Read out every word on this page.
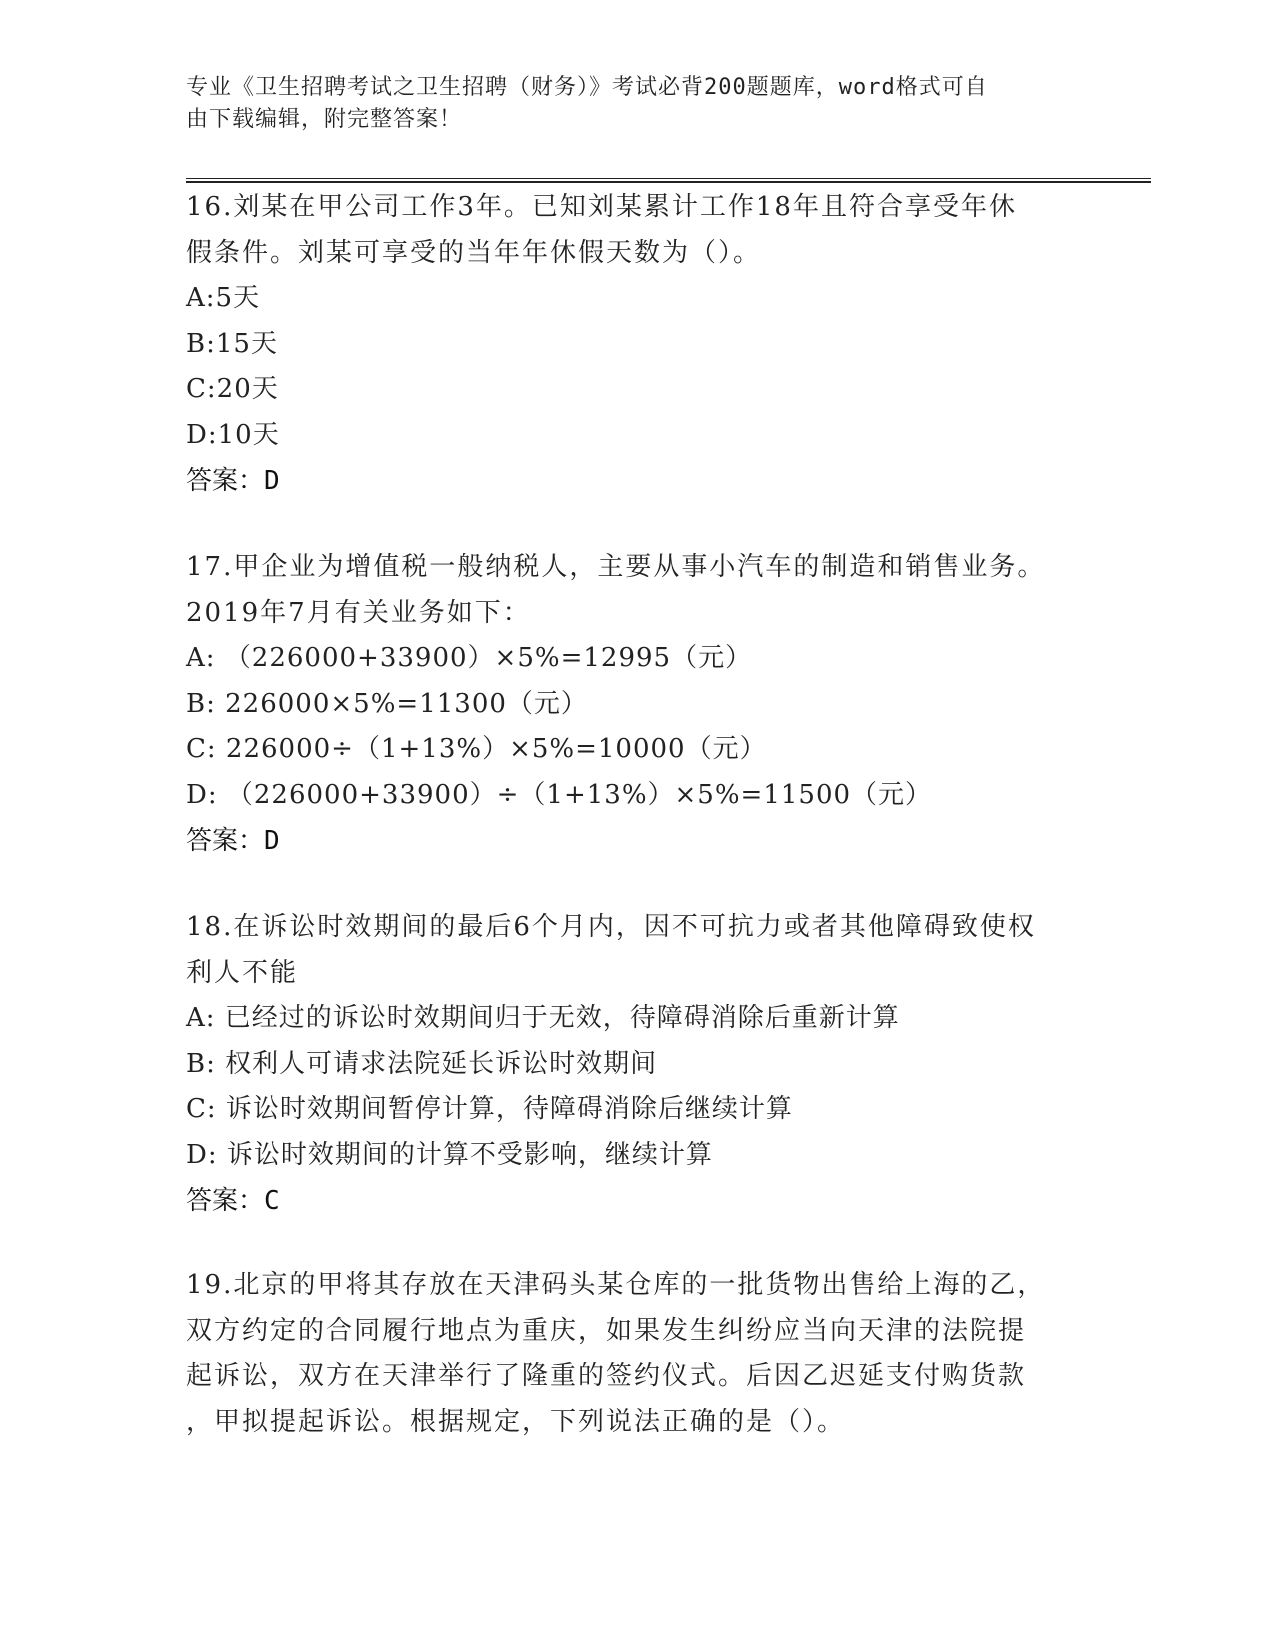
专业《卫生招聘考试之卫生招聘（财务）》考试必背200题题库，word格式可自

由下载编辑，附完整答案！

16.刘某在甲公司工作3年。已知刘某累计工作18年且符合享受年休
假条件。刘某可享受的当年年休假天数为（）。
A:5天
B:15天
C:20天
D:10天
答案：D
17.甲企业为增值税一般纳税人，主要从事小汽车的制造和销售业务。
2019年7月有关业务如下：
A: （226000+33900）×5%=12995（元）
B: 226000×5%=11300（元）
C: 226000÷（1+13%）×5%=10000（元）
D: （226000+33900）÷（1+13%）×5%=11500（元）
答案：D
18.在诉讼时效期间的最后6个月内，因不可抗力或者其他障碍致使权
利人不能
A: 已经过的诉讼时效期间归于无效，待障碍消除后重新计算
B: 权利人可请求法院延长诉讼时效期间
C: 诉讼时效期间暂停计算，待障碍消除后继续计算
D: 诉讼时效期间的计算不受影响，继续计算
答案：C
19.北京的甲将其存放在天津码头某仓库的一批货物出售给上海的乙，
双方约定的合同履行地点为重庆，如果发生纠纷应当向天津的法院提
起诉讼，双方在天津举行了隆重的签约仪式。后因乙迟延支付购货款
，甲拟提起诉讼。根据规定，下列说法正确的是（）。
